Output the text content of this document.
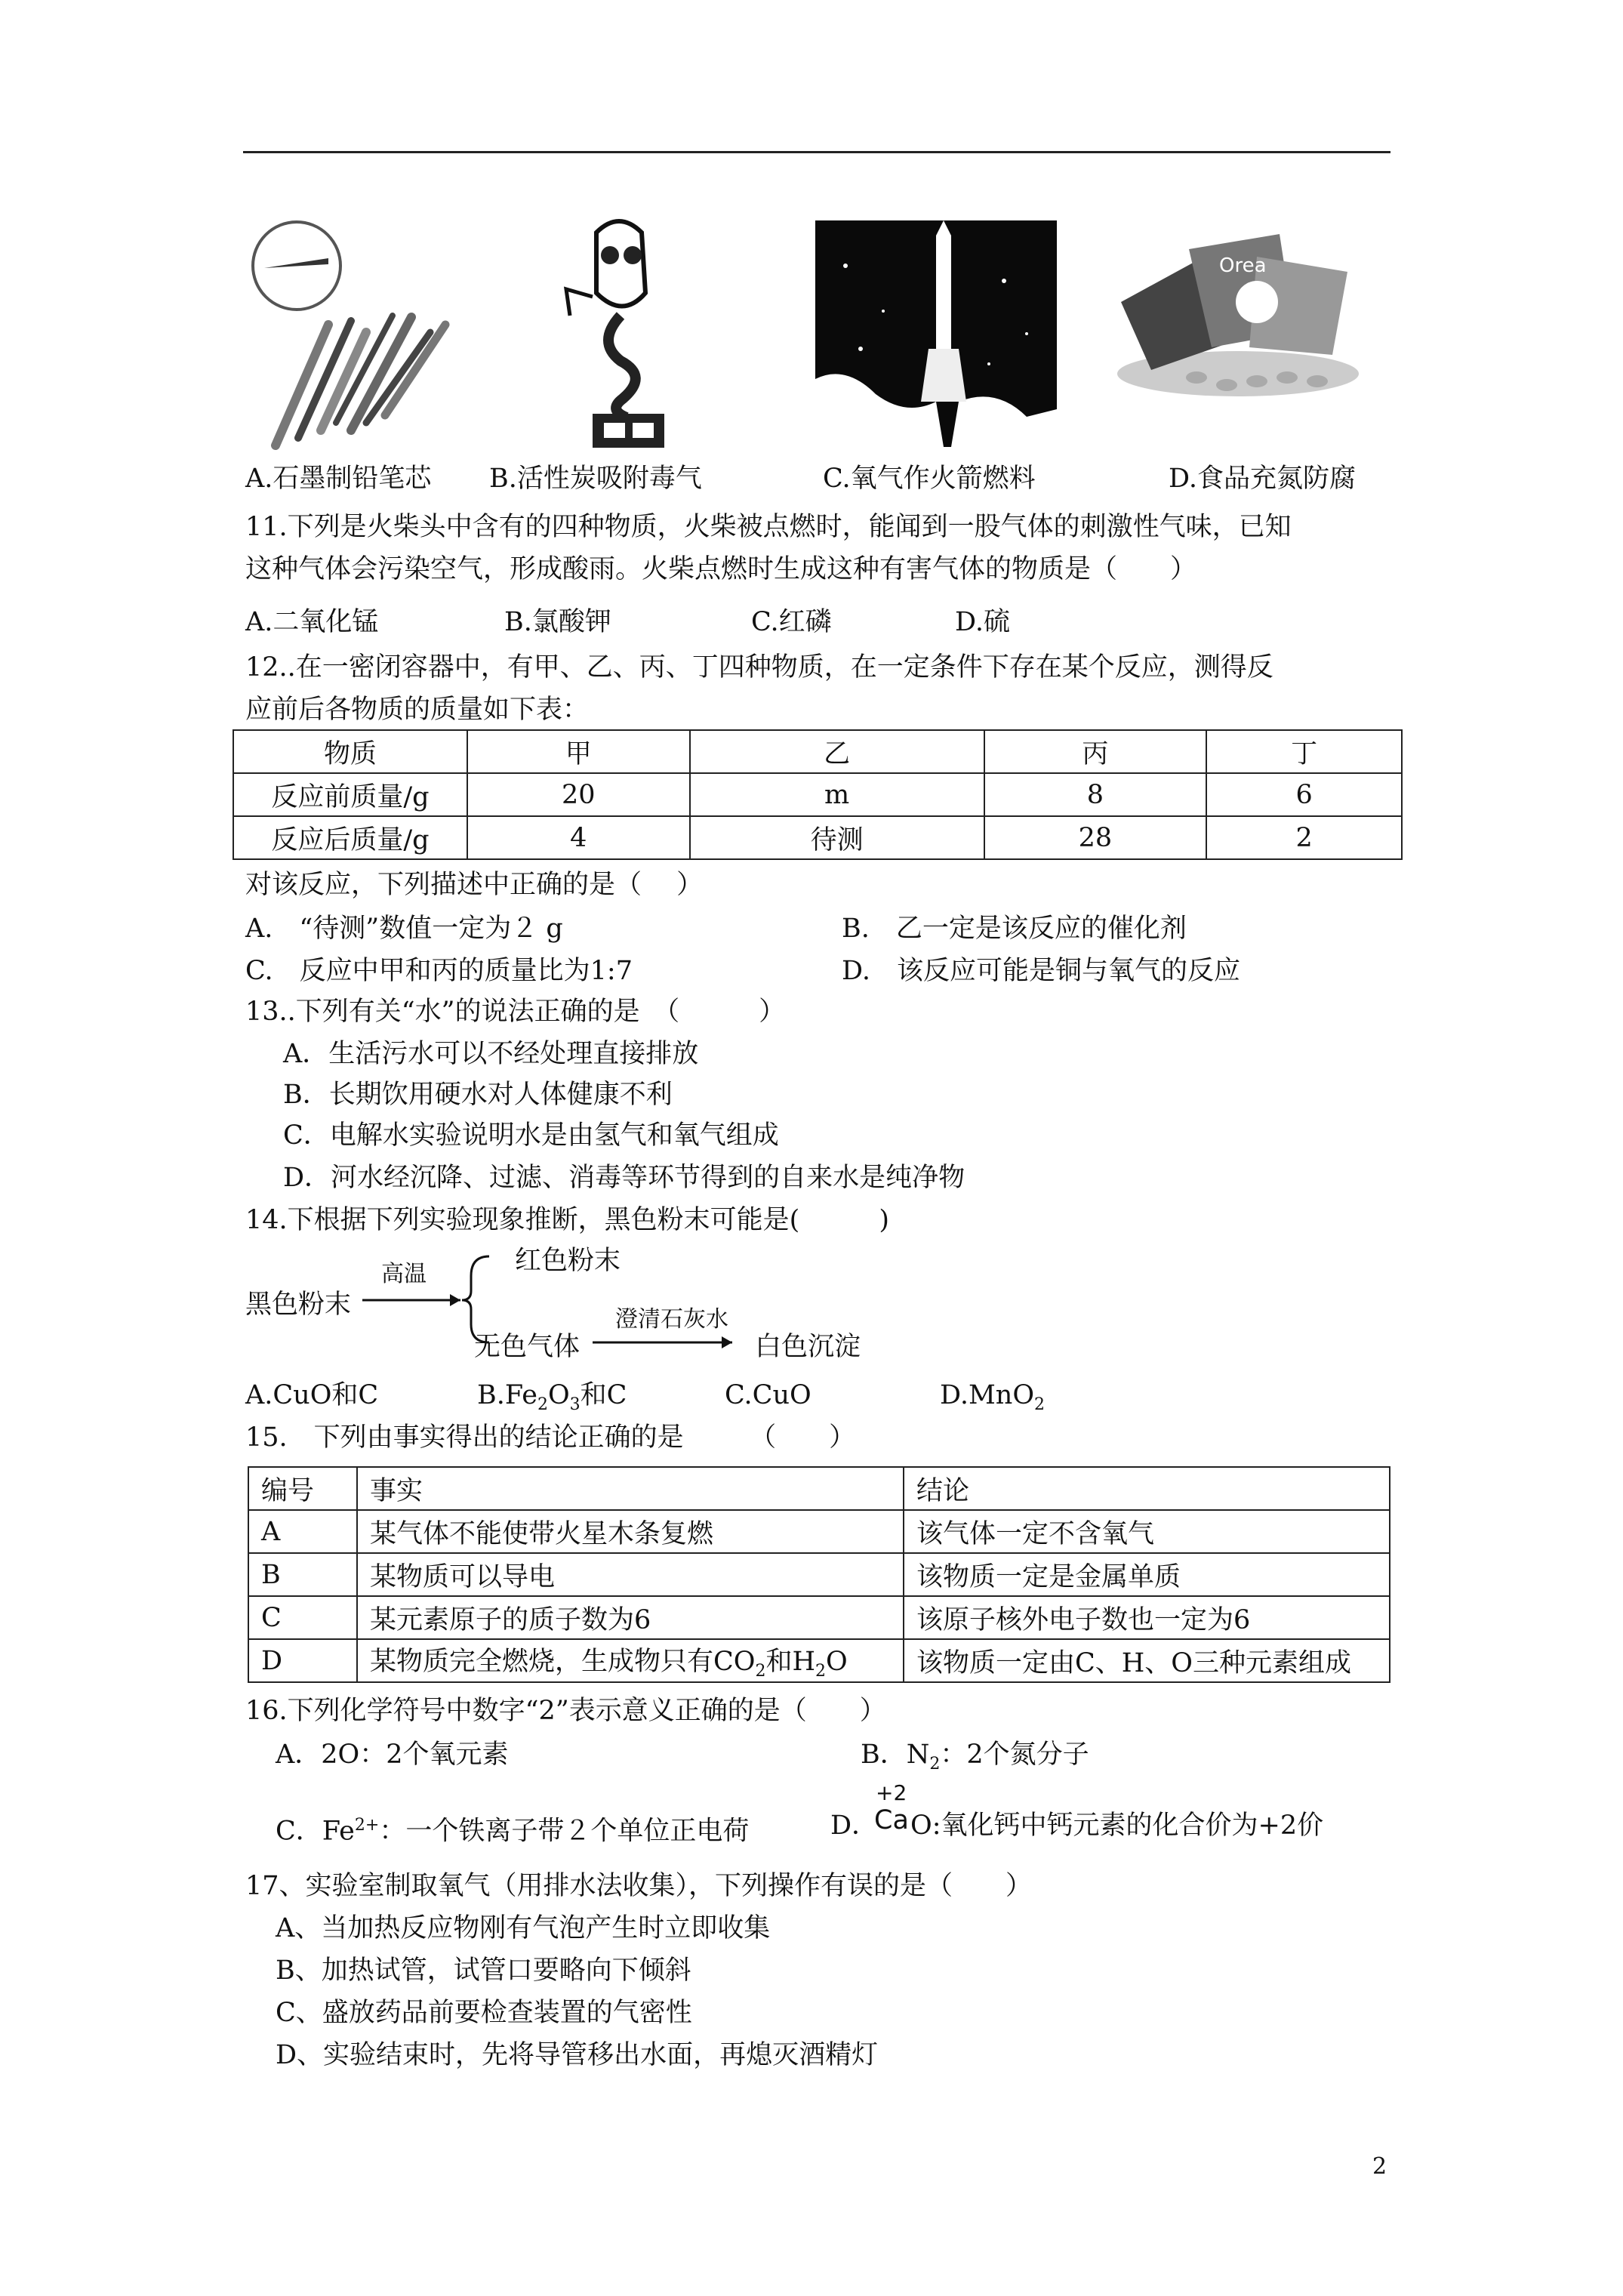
A.石墨制铅笔芯 B.活性炭吸附毒气	C.氧气作火箭燃料
Orea
D.食品充氮防腐
11.下列是火柴头中含有的四种物质，火柴被点燃时，能闻到一股气体的刺激性气味，已知
这种气体会污染空气，形成酸雨。火柴点燃时生成这种有害气体的物质是（　　）
A.二氧化锰	B.氯酸钾	C.红磷	D.硫
12..在一密闭容器中，有甲、乙、丙、丁四种物质，在一定条件下存在某个反应，测得反
应前后各物质的质量如下表：
物质	甲	乙	丙	丁
反应前质量/g	20	m	8	6
反应后质量/g	4	待测	28	2
对该反应，下列描述中正确的是（　 ）
A.　“待测”数值一定为２ g	B.　乙一定是该反应的催化剂
C.　反应中甲和丙的质量比为1:7	D.　该反应可能是铜与氧气的反应
13..下列有关“水”的说法正确的是　（　　　）
A．生活污水可以不经处理直接排放
B．长期饮用硬水对人体健康不利
C．电解水实验说明水是由氢气和氧气组成
D．河水经沉降、过滤、消毒等环节得到的自来水是纯净物
14.下根据下列实验现象推断，黑色粉末可能是(　　　)
黑色粉末
高温	红色粉末
无色气体
澄清石灰水
白色沉淀
A.CuO和C	$B.Fe_2O_3$和C	C.CuO	D.MnO$_2$
15.　下列由事实得出的结论正确的是　　　（　　）
编号	事实	结论
A	某气体不能使带火星木条复燃	该气体一定不含氧气
B	某物质可以导电	该物质一定是金属单质
C	某元素原子的质子数为6	该原子核外电子数也一定为6
D	某物质完全燃烧，生成物只有$CO_2$和$H_2O$	该物质一定由C、H、O三种元素组成
16.下列化学符号中数字“2”表示意义正确的是（　　）
A．2O：2个氧元素	B．$N_2$：2个氮分子
C．$Fe^{2+}$：一个铁离子带２个单位正电荷	D．
+2
Ca O:氧化钙中钙元素的化合价为+2价
17、实验室制取氧气（用排水法收集），下列操作有误的是（　　）
A、当加热反应物刚有气泡产生时立即收集
B、加热试管，试管口要略向下倾斜
C、盛放药品前要检查装置的气密性
D、实验结束时，先将导管移出水面，再熄灭酒精灯
2
